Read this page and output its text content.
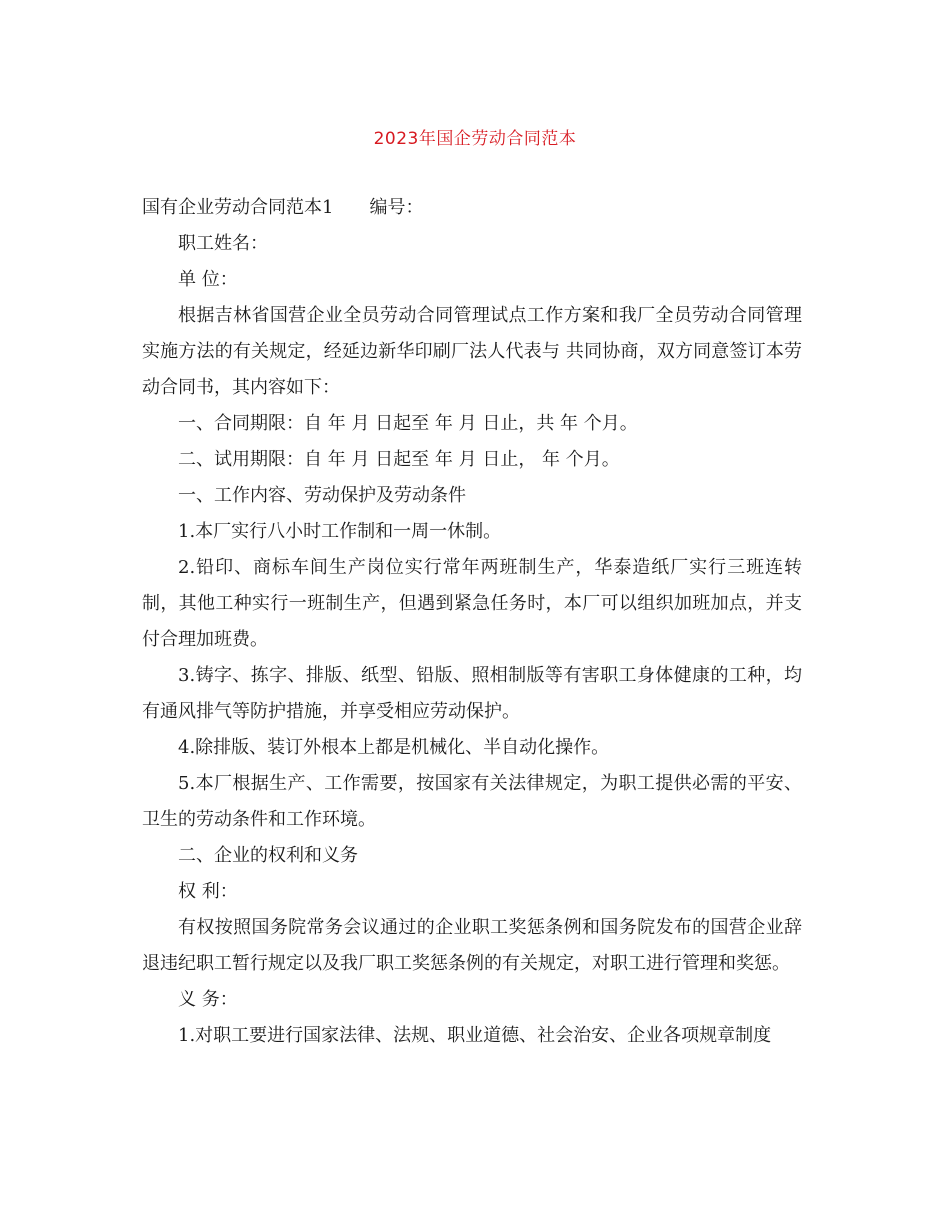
2023年国企劳动合同范本

国有企业劳动合同范本1 编号：

职工姓名：

单 位：

根据吉林省国营企业全员劳动合同管理试点工作方案和我厂全员劳动合同管理实施方法的有关规定，经延边新华印刷厂法人代表与 共同协商，双方同意签订本劳动合同书，其内容如下：

一、合同期限：自 年 月 日起至 年 月 日止，共 年 个月。

二、试用期限：自 年 月 日起至 年 月 日止， 年 个月。

一、工作内容、劳动保护及劳动条件

1.本厂实行八小时工作制和一周一休制。

2.铅印、商标车间生产岗位实行常年两班制生产，华泰造纸厂实行三班连转制，其他工种实行一班制生产，但遇到紧急任务时，本厂可以组织加班加点，并支付合理加班费。

3.铸字、拣字、排版、纸型、铅版、照相制版等有害职工身体健康的工种，均有通风排气等防护措施，并享受相应劳动保护。

4.除排版、装订外根本上都是机械化、半自动化操作。

5.本厂根据生产、工作需要，按国家有关法律规定，为职工提供必需的平安、卫生的劳动条件和工作环境。

二、企业的权利和义务

权 利：

有权按照国务院常务会议通过的企业职工奖惩条例和国务院发布的国营企业辞退违纪职工暂行规定以及我厂职工奖惩条例的有关规定，对职工进行管理和奖惩。

义 务：

1.对职工要进行国家法律、法规、职业道德、社会治安、企业各项规章制度
